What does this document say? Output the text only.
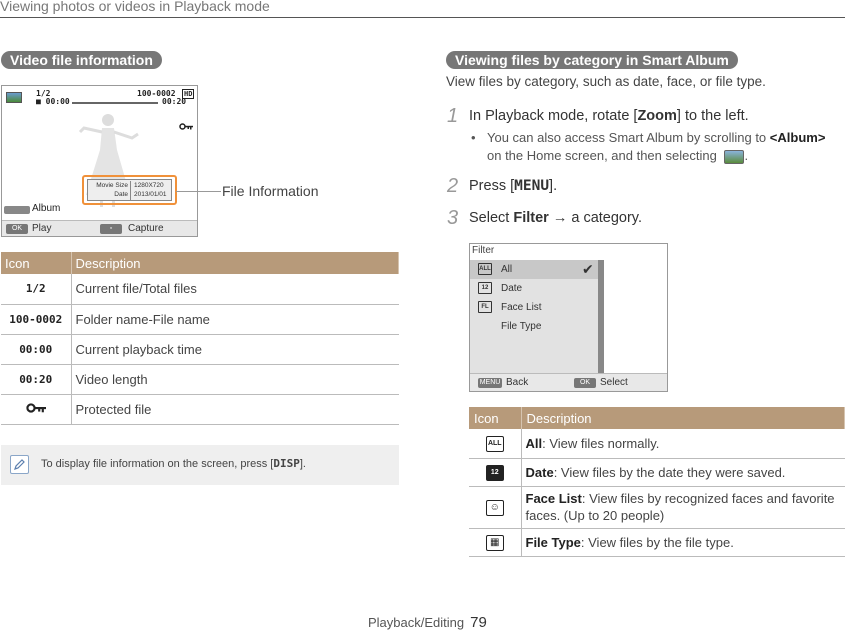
Viewing photos or videos in Playback mode
Video file information
1/2	100-0002 HD
■ 00:00	00:20
Movie Size 1280X720
Date 2013/01/01
Album
OK Play	▫	Capture
File Information
Icon	Description
1/2	Current file/Total files
100-0002	Folder name-File name
00:00	Current playback time
00:20	Video length
	Protected file
To display file information on the screen, press [DISP].
Viewing files by category in Smart Album
View files by category, such as date, face, or file type.
1 In Playback mode, rotate [Zoom] to the left.
• You can also access Smart Album by scrolling to <Album>
on the Home screen, and then selecting .
2 Press [MENU].
3 Select Filter → a category.
Filter
ALL All	✔
12	Date
FL	Face List
File Type
MENU Back	OK Select
Icon	Description
ALL	All: View files normally.
12	Date: View files by the date they were saved.
☺	Face List: View files by recognized faces and favorite faces. (Up to 20 people)
▦	File Type: View files by the file type.
Playback/Editing 79
